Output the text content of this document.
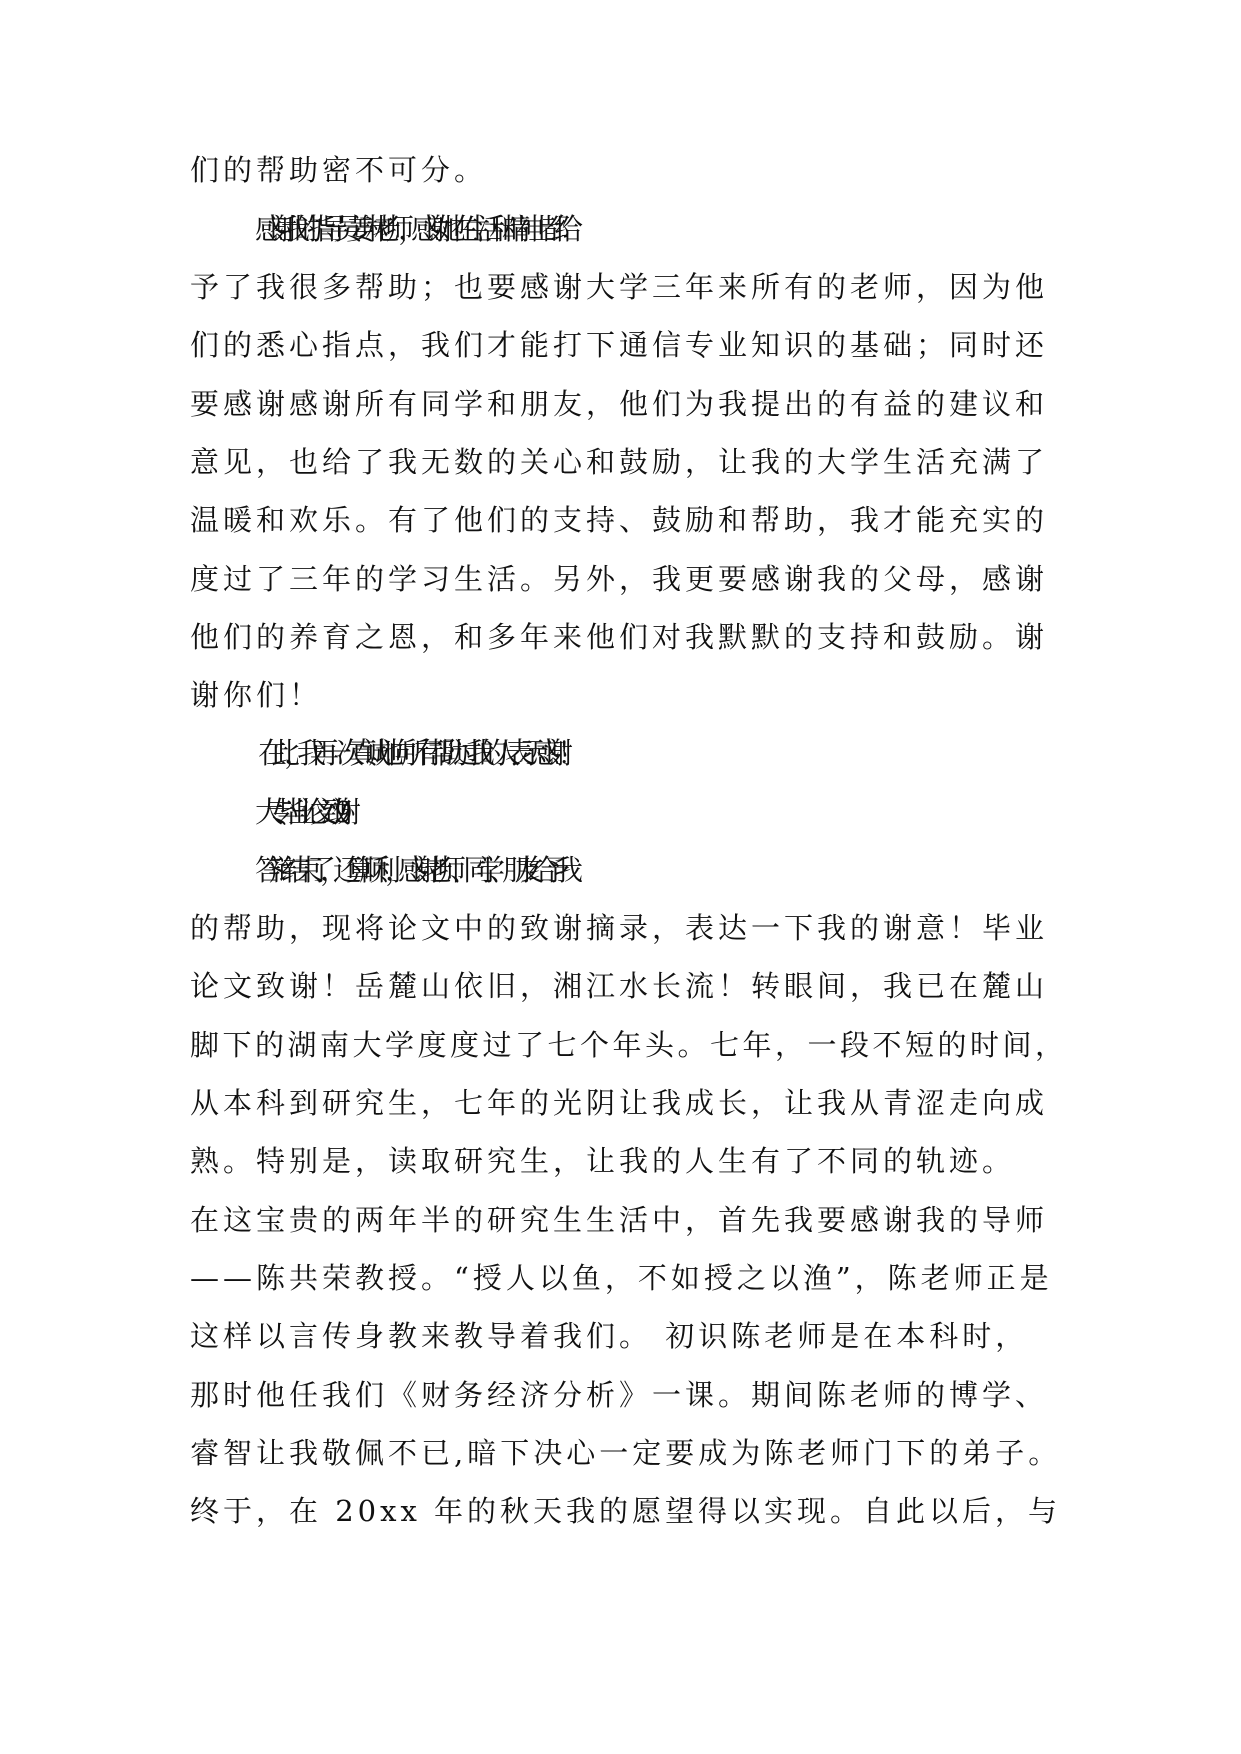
们的帮助密不可分。
感谢我的指导员姜琳老师，感谢她在生活和精神上都给
予了我很多帮助；也要感谢大学三年来所有的老师，因为他
们的悉心指点，我们才能打下通信专业知识的基础；同时还
要感谢感谢所有同学和朋友，他们为我提出的有益的建议和
意见，也给了我无数的关心和鼓励，让我的大学生活充满了
温暖和欢乐。有了他们的支持、鼓励和帮助，我才能充实的
度过了三年的学习生活。另外，我更要感谢我的父母，感谢
他们的养育之恩，和多年来他们对我默默的支持和鼓励。谢
谢你们！
在此，我再一次真诚地向所有帮助过我的人表示感谢！
大专毕业论文致谢 9
答辩结束了，还算顺利，感谢老师、同学、朋友给予我
的帮助，现将论文中的致谢摘录，表达一下我的谢意！毕业
论文致谢！岳麓山依旧，湘江水长流！转眼间，我已在麓山
脚下的湖南大学度度过了七个年头。七年，一段不短的时间，
从本科到研究生，七年的光阴让我成长，让我从青涩走向成
熟。特别是，读取研究生，让我的人生有了不同的轨迹。
在这宝贵的两年半的研究生生活中，首先我要感谢我的导师
——陈共荣教授。“授人以鱼，不如授之以渔”，陈老师正是
这样以言传身教来教导着我们。 初识陈老师是在本科时，
那时他任我们《财务经济分析》一课。期间陈老师的博学、
睿智让我敬佩不已,暗下决心一定要成为陈老师门下的弟子。
终于，在 20xx 年的秋天我的愿望得以实现。自此以后，与
